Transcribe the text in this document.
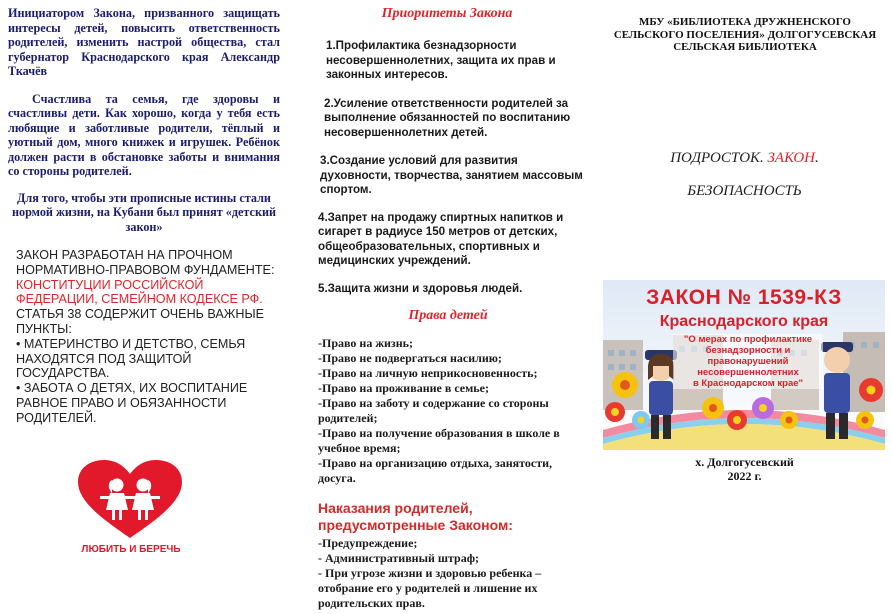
Инициатором Закона, призванного защищать интересы детей, повысить ответственность родителей, изменить настрой общества, стал губернатор Краснодарского края Александр Ткачёв

Счастлива та семья, где здоровы и счастливы дети. Как хорошо, когда у тебя есть любящие и заботливые родители, тёплый и уютный дом, много книжек и игрушек. Ребёнок должен расти в обстановке заботы и внимания со стороны родителей.

Для того, чтобы эти прописные истины стали нормой жизни, на Кубани был принят «детский закон»

ЗАКОН РАЗРАБОТАН НА ПРОЧНОМ НОРМАТИВНО-ПРАВОВОМ ФУНДАМЕНТЕ: КОНСТИТУЦИИ РОССИЙСКОЙ ФЕДЕРАЦИИ, СЕМЕЙНОМ КОДЕКСЕ РФ. СТАТЬЯ 38 СОДЕРЖИТ ОЧЕНЬ ВАЖНЫЕ ПУНКТЫ:
• МАТЕРИНСТВО И ДЕТСТВО, СЕМЬЯ НАХОДЯТСЯ ПОД ЗАЩИТОЙ ГОСУДАРСТВА.
• ЗАБОТА О ДЕТЯХ, ИХ ВОСПИТАНИЕ РАВНОЕ ПРАВО И ОБЯЗАННОСТИ РОДИТЕЛЕЙ.
ЛЮБИТЬ И БЕРЕЧЬ

Приоритеты Закона

1.Профилактика безнадзорности несовершеннолетних, защита их прав и законных интересов.

2.Усиление ответственности родителей за выполнение обязанностей по воспитанию несовершеннолетних детей.

3.Создание условий для развития духовности, творчества, занятием массовым спортом.

4.Запрет на продажу спиртных напитков и сигарет в радиусе 150 метров от детских, общеобразовательных, спортивных и медицинских учреждений.

5.Защита жизни и здоровья людей.

Права детей

-Право на жизнь;

-Право не подвергаться насилию;

-Право на личную неприкосновенность;

-Право на проживание в семье;

-Право на заботу и содержание со стороны родителей;

-Право на получение образования в школе в учебное время;

-Право на организацию отдыха, занятости, досуга.

Наказания родителей, предусмотренные Законом:

-Предупреждение;

- Административный штраф;

- При угрозе жизни и здоровью ребенка – отобрание его у родителей и лишение их родительских прав.

МБУ «БИБЛИОТЕКА ДРУЖНЕНСКОГО СЕЛЬСКОГО ПОСЕЛЕНИЯ» ДОЛГОГУСЕВСКАЯ СЕЛЬСКАЯ БИБЛИОТЕКА
ПОДРОСТОК. ЗАКОН.
БЕЗОПАСНОСТЬ
ЗАКОН № 1539-КЗ
Краснодарского края
"О мерах по профилактике
безнадзорности и
правонарушений
несовершеннолетних
в Краснодарском крае"
х. Долгогусевский
2022 г.
